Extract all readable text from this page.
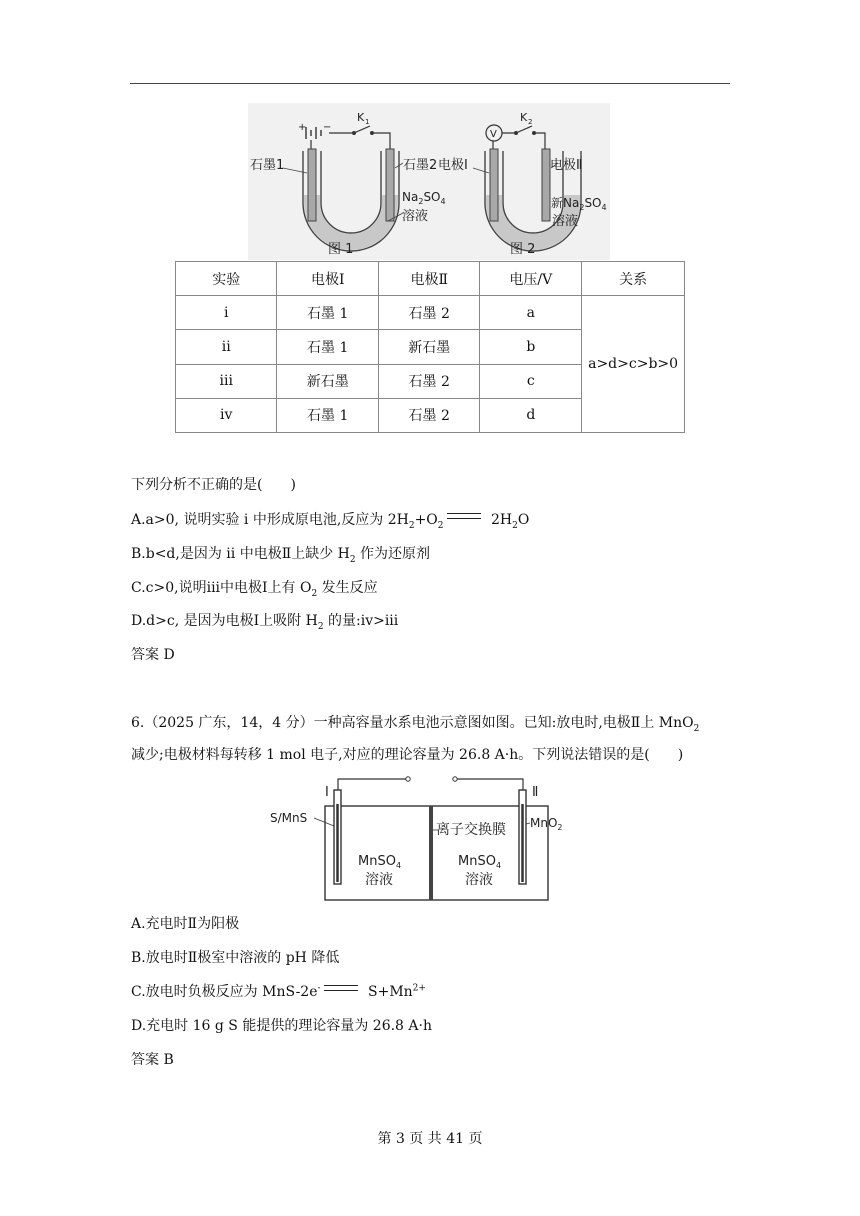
+ −
K 1
石墨1	石墨2
$Na_2SO_4$
溶液
图 1
V
K 2
电极Ⅰ	电极Ⅱ
新$Na_2SO_4$
溶液
图 2
实验	电极Ⅰ	电极Ⅱ	电压/V	关系
i	石墨 1	石墨 2	a	a>d>c>b>0
ii	石墨 1	新石墨	b	
iii	新石墨	石墨 2	c	
iv	石墨 1	石墨 2	d	
下列分析不正确的是(　　)
A.a>0, 说明实验 i 中形成原电池,反应为 $2H_2+O_2$	$2H_2O$
B.b<d,是因为 ii 中电极Ⅱ上缺少 $H_2$ 作为还原剂
C.c>0,说明iii中电极Ⅰ上有 $O_2$ 发生反应
D.d>c, 是因为电极Ⅰ上吸附 $H_2$ 的量:iv>iii
答案 D
6.（2025 广东，14，4 分）一种高容量水系电池示意图如图。已知:放电时,电极Ⅱ上 MnO$_2$
减少;电极材料每转移 1 mol 电子,对应的理论容量为 26.8 A·h。下列说法错误的是(　　)
Ⅰ	Ⅱ
S/MnS	MnO$_2$
离子交换膜
MnSO$_4$
溶液
MnSO$_4$
溶液
A.充电时Ⅱ为阳极
B.放电时Ⅱ极室中溶液的 pH 降低
C.放电时负极反应为 MnS-2e-	$S+Mn^{2+}$
D.充电时 16 g S 能提供的理论容量为 26.8 A·h
答案 B
第 3 页 共 41 页
